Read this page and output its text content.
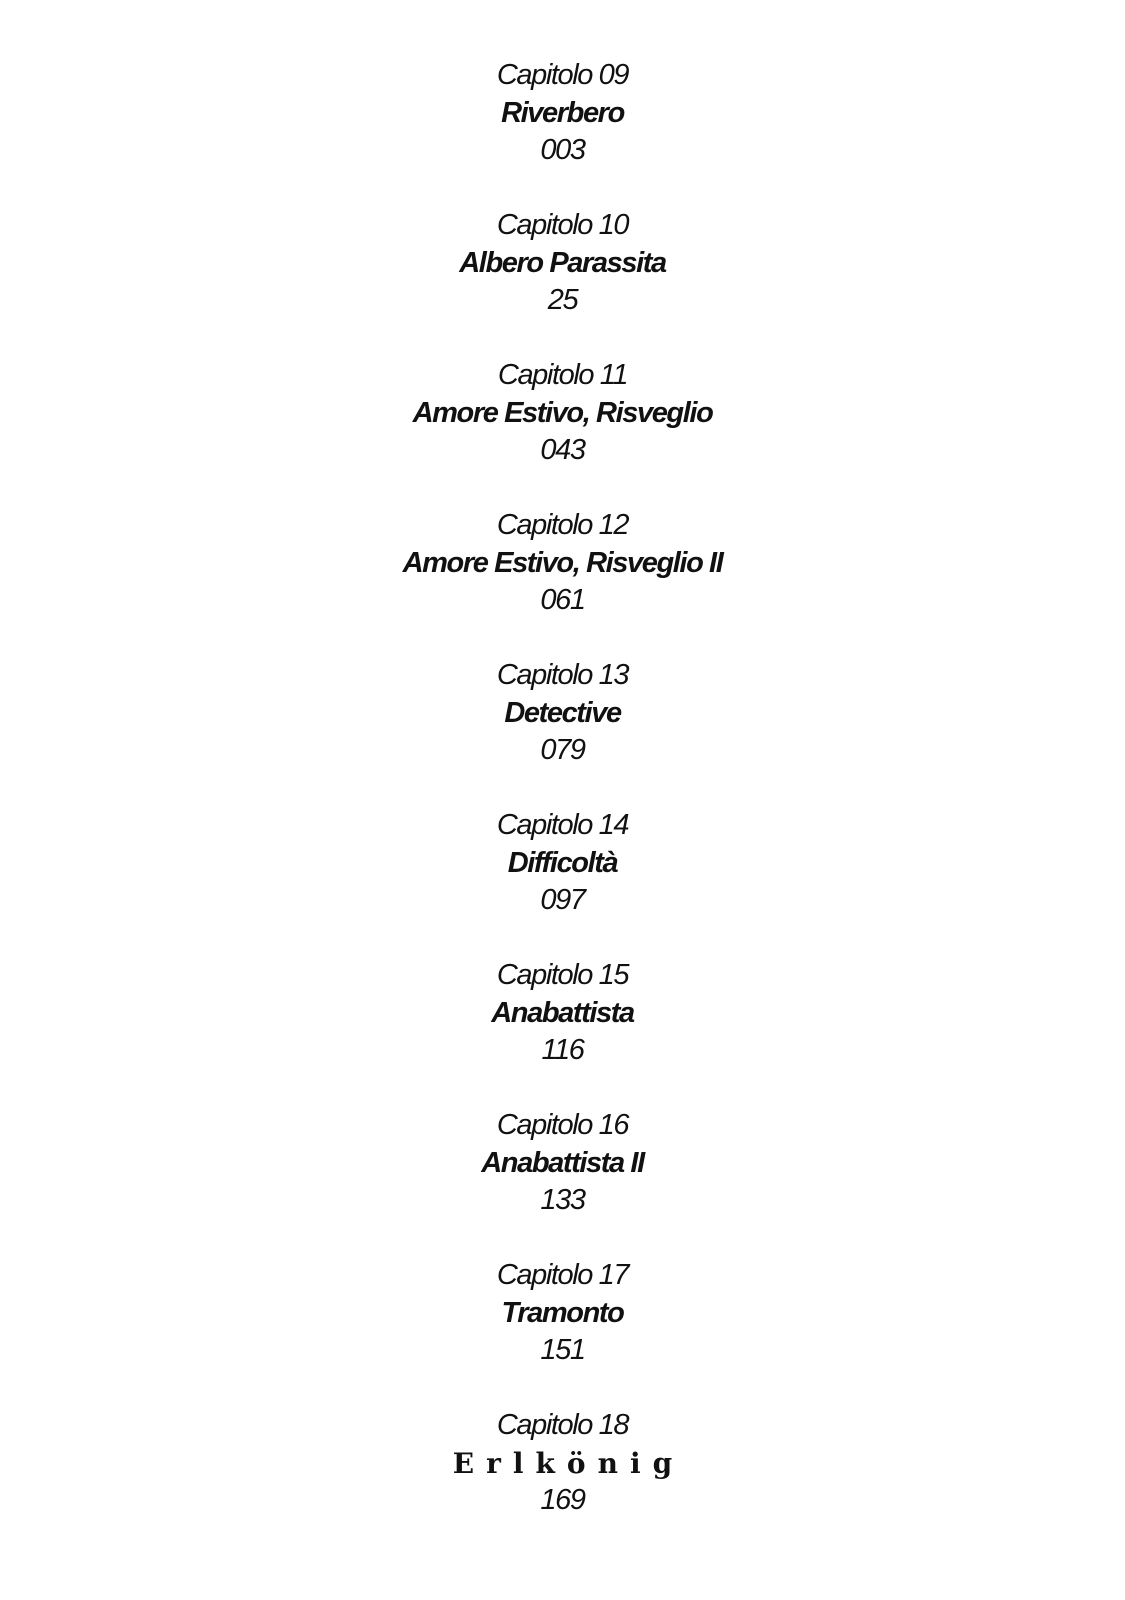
Capitolo 09
Riverbero
003
Capitolo 10
Albero Parassita
25
Capitolo 11
Amore Estivo, Risveglio
043
Capitolo 12
Amore Estivo, Risveglio II
061
Capitolo 13
Detective
079
Capitolo 14
Difficoltà
097
Capitolo 15
Anabattista
116
Capitolo 16
Anabattista II
133
Capitolo 17
Tramonto
151
Capitolo 18
Erlkönig
169
